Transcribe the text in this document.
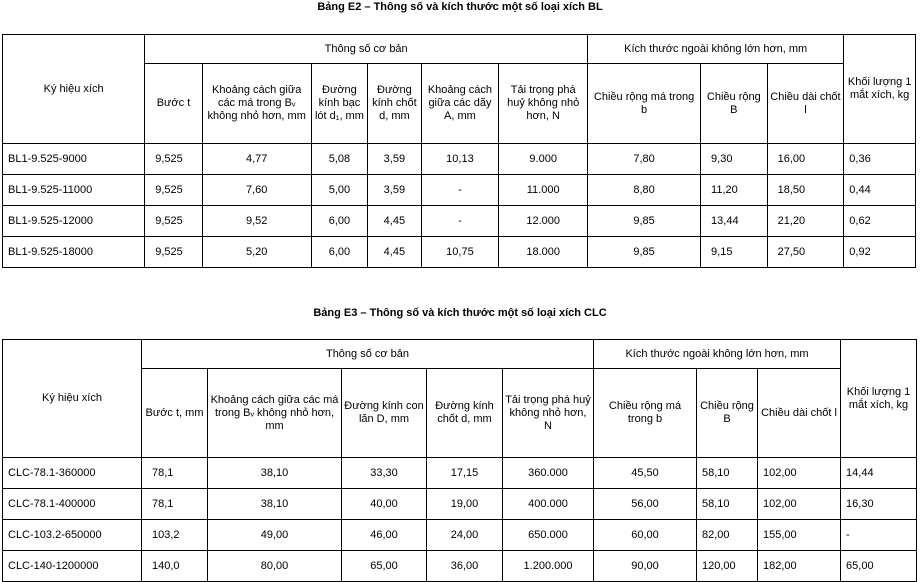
Bảng E2 – Thông số và kích thước một số loại xích BL
Ký hiệu xích	Thông số cơ bản						Kích thước ngoài không lớn hơn, mm			Khối lượng 1 mắt xích, kg
	Bước t	Khoảng cách giữa các má trong Bᵥ không nhỏ hơn, mm	Đường kính bạc lót d₁, mm	Đường kính chốt d, mm	Khoảng cách giữa các dãy A, mm	Tải trọng phá huỷ không nhỏ hơn, N	Chiều rộng má trong b	Chiều rộng B	Chiều dài chốt l	
BL1-9.525-9000	9,525	4,77	5,08	3,59	10,13	9.000	7,80	9,30	16,00	0,36
BL1-9.525-11000	9,525	7,60	5,00	3,59	-	11.000	8,80	11,20	18,50	0,44
BL1-9.525-12000	9,525	9,52	6,00	4,45	-	12.000	9,85	13,44	21,20	0,62
BL1-9.525-18000	9,525	5,20	6,00	4,45	10,75	18.000	9,85	9,15	27,50	0,92
Bảng E3 – Thông số và kích thước một số loại xích CLC
Ký hiệu xích	Thông số cơ bản					Kích thước ngoài không lớn hơn, mm			Khối lượng 1 mắt xích, kg
	Bước t, mm	Khoảng cách giữa các má trong Bᵥ không nhỏ hơn, mm	Đường kính con lăn D, mm	Đường kính chốt d, mm	Tải trọng phá huỷ không nhỏ hơn, N	Chiều rộng má trong b	Chiều rộng B	Chiều dài chốt l	
CLC-78.1-360000	78,1	38,10	33,30	17,15	360.000	45,50	58,10	102,00	14,44
CLC-78.1-400000	78,1	38,10	40,00	19,00	400.000	56,00	58,10	102,00	16,30
CLC-103.2-650000	103,2	49,00	46,00	24,00	650.000	60,00	82,00	155,00	-
CLC-140-1200000	140,0	80,00	65,00	36,00	1.200.000	90,00	120,00	182,00	65,00
